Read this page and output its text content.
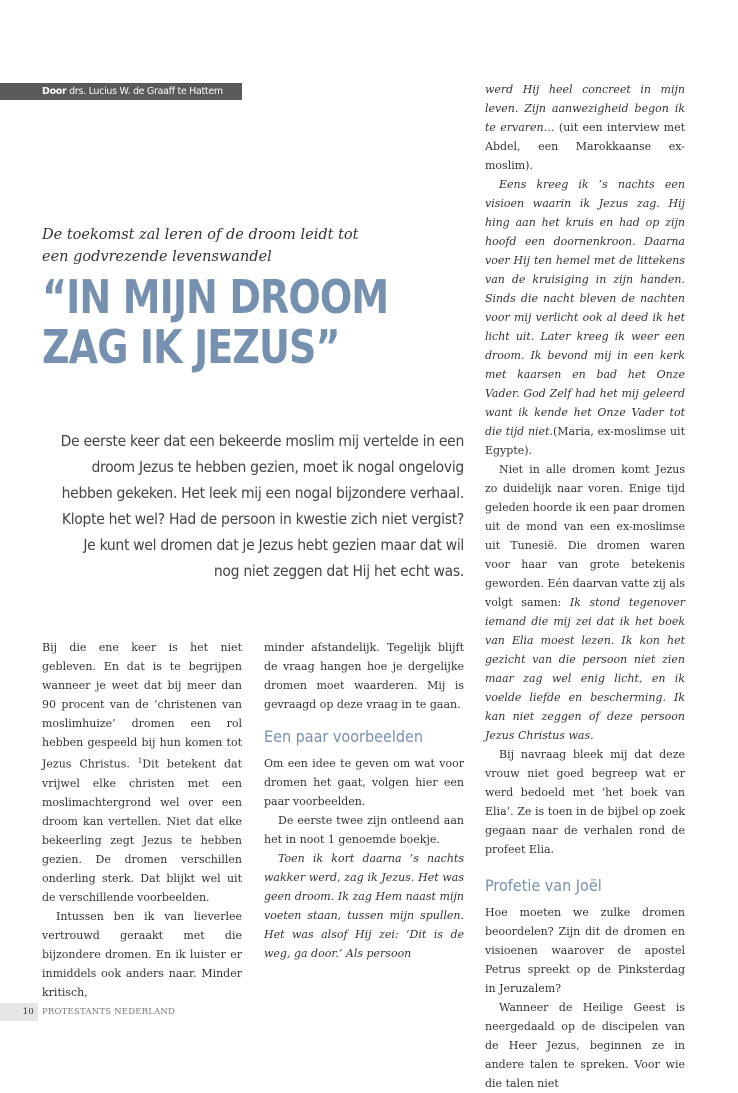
Door drs. Lucius W. de Graaff te Hattem
De toekomst zal leren of de droom leidt tot een godvrezende levenswandel
“IN MIJN DROOM
ZAG IK JEZUS”
De eerste keer dat een bekeerde moslim mij vertelde in een droom Jezus te hebben gezien, moet ik nogal ongelovig hebben gekeken. Het leek mij een nogal bijzondere verhaal. Klopte het wel? Had de persoon in kwestie zich niet vergist? Je kunt wel dromen dat je Jezus hebt gezien maar dat wil nog niet zeggen dat Hij het echt was.

Bij die ene keer is het niet gebleven. En dat is te begrijpen wanneer je weet dat bij meer dan 90 procent van de ‘christenen van moslimhuize’ dromen een rol hebben gespeeld bij hun komen tot Jezus Christus. $^1$Dit betekent dat vrijwel elke christen met een moslimachtergrond wel over een droom kan vertellen. Niet dat elke bekeerling zegt Jezus te hebben gezien. De dromen verschillen onderling sterk. Dat blijkt wel uit de verschillende voorbeelden.

Intussen ben ik van lieverlee vertrouwd geraakt met die bijzondere dromen. En ik luister er inmiddels ook anders naar. Minder kritisch,

minder afstandelijk. Tegelijk blijft de vraag hangen hoe je dergelijke dromen moet waarderen. Mij is gevraagd op deze vraag in te gaan.

Een paar voorbeelden

Om een idee te geven om wat voor dromen het gaat, volgen hier een paar voorbeelden.

De eerste twee zijn ontleend aan het in noot 1 genoemde boekje.

Toen ik kort daarna ’s nachts wakker werd, zag ik Jezus. Het was geen droom. Ik zag Hem naast mijn voeten staan, tussen mijn spullen. Het was alsof Hij zei: ‘Dit is de weg, ga door.’ Als persoon

werd Hij heel concreet in mijn leven. Zijn aanwezigheid begon ik te ervaren… (uit een interview met Abdel, een Marokkaanse ex-moslim).

Eens kreeg ik ’s nachts een visioen waarin ik Jezus zag. Hij hing aan het kruis en had op zijn hoofd een doornenkroon. Daarna voer Hij ten hemel met de littekens van de kruisiging in zijn handen. Sinds die nacht bleven de nachten voor mij verlicht ook al deed ik het licht uit. Later kreeg ik weer een droom. Ik bevond mij in een kerk met kaarsen en bad het Onze Vader. God Zelf had het mij geleerd want ik kende het Onze Vader tot die tijd niet.(Maria, ex-moslimse uit Egypte).

Niet in alle dromen komt Jezus zo duidelijk naar voren. Enige tijd geleden hoorde ik een paar dromen uit de mond van een ex-moslimse uit Tunesië. Die dromen waren voor haar van grote betekenis geworden. Eén daarvan vatte zij als volgt samen: Ik stond tegenover iemand die mij zei dat ik het boek van Elia moest lezen. Ik kon het gezicht van die persoon niet zien maar zag wel enig licht, en ik voelde liefde en bescherming. Ik kan niet zeggen of deze persoon Jezus Christus was.

Bij navraag bleek mij dat deze vrouw niet goed begreep wat er werd bedoeld met ‘het boek van Elia’. Ze is toen in de bijbel op zoek gegaan naar de verhalen rond de profeet Elia.

Profetie van Joël

Hoe moeten we zulke dromen beoordelen? Zijn dit de dromen en visioenen waarover de apostel Petrus spreekt op de Pinksterdag in Jeruzalem?

Wanneer de Heilige Geest is neergedaald op de discipelen van de Heer Jezus, beginnen ze in andere talen te spreken. Voor wie die talen niet

10 PROTESTANTS NEDERLAND
